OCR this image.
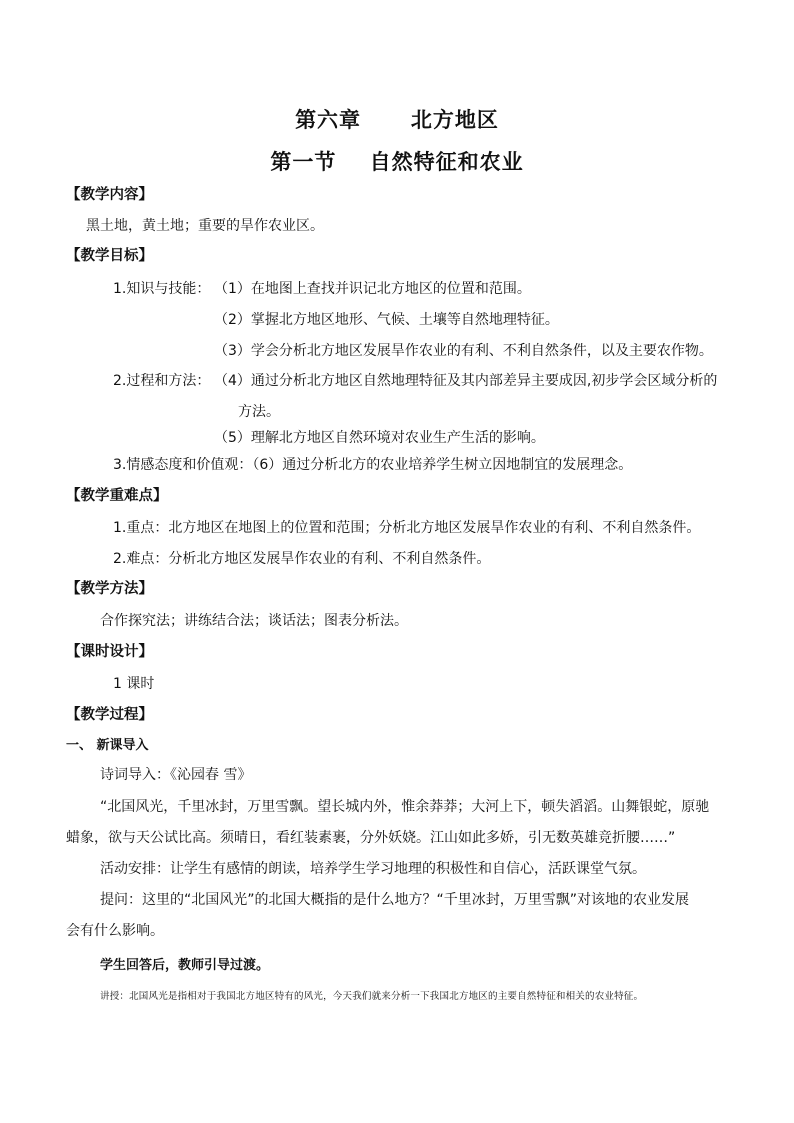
第六章      北方地区
第一节    自然特征和农业
【教学内容】
黑土地，黄土地；重要的旱作农业区。
【教学目标】
1.知识与技能： （1）在地图上查找并识记北方地区的位置和范围。
（2）掌握北方地区地形、气候、土壤等自然地理特征。
（3）学会分析北方地区发展旱作农业的有利、不利自然条件，以及主要农作物。
2.过程和方法： （4）通过分析北方地区自然地理特征及其内部差异主要成因,初步学会区域分析的
方法。
（5）理解北方地区自然环境对农业生产生活的影响。
3.情感态度和价值观：（6）通过分析北方的农业培养学生树立因地制宜的发展理念。
【教学重难点】
1.重点：北方地区在地图上的位置和范围；分析北方地区发展旱作农业的有利、不利自然条件。
2.难点：分析北方地区发展旱作农业的有利、不利自然条件。
【教学方法】
合作探究法；讲练结合法；谈话法；图表分析法。
【课时设计】
1 课时
【教学过程】
一、 新课导入
诗词导入：《沁园春 雪》
“北国风光，千里冰封，万里雪飘。望长城内外，惟余莽莽；大河上下，顿失滔滔。山舞银蛇，原驰
蜡象，欲与天公试比高。须晴日，看红装素裹，分外妖娆。江山如此多娇，引无数英雄竞折腰……”
活动安排：让学生有感情的朗读，培养学生学习地理的积极性和自信心，活跃课堂气氛。
提问：这里的“北国风光”的北国大概指的是什么地方？“千里冰封，万里雪飘”对该地的农业发展
会有什么影响。
学生回答后，教师引导过渡。
讲授：北国风光是指相对于我国北方地区特有的风光，今天我们就来分析一下我国北方地区的主要自然特征和相关的农业特征。
